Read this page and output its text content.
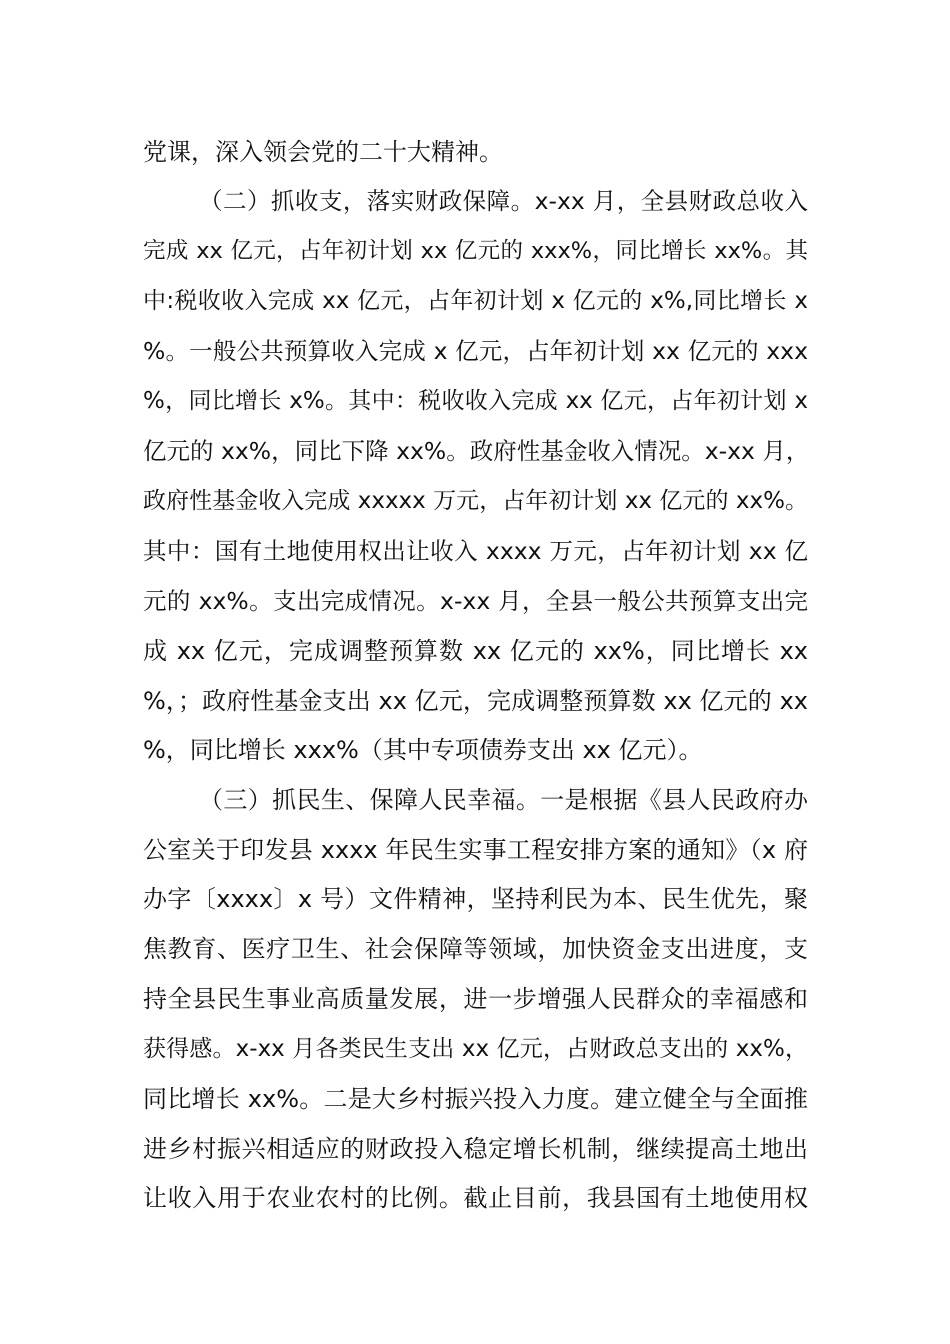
党课，深入领会党的二十大精神。
（二）抓收支，落实财政保障。x-xx 月，全县财政总收入
完成 xx 亿元，占年初计划 xx 亿元的 xxx%，同比增长 xx%。其
中:税收收入完成 xx 亿元，占年初计划 x 亿元的 x%,同比增长 x
%。一般公共预算收入完成 x 亿元，占年初计划 xx 亿元的 xxx
%，同比增长 x%。其中：税收收入完成 xx 亿元，占年初计划 x
亿元的 xx%，同比下降 xx%。政府性基金收入情况。x-xx 月，
政府性基金收入完成 xxxxx 万元，占年初计划 xx 亿元的 xx%。
其中：国有土地使用权出让收入 xxxx 万元，占年初计划 xx 亿
元的 xx%。支出完成情况。x-xx 月，全县一般公共预算支出完
成 xx 亿元，完成调整预算数 xx 亿元的 xx%，同比增长 xx
%，；政府性基金支出 xx 亿元，完成调整预算数 xx 亿元的 xx
%，同比增长 xxx%（其中专项债券支出 xx 亿元）。
（三）抓民生、保障人民幸福。一是根据《县人民政府办
公室关于印发县 xxxx 年民生实事工程安排方案的通知》（x 府
办字〔xxxx〕x 号）文件精神，坚持利民为本、民生优先，聚
焦教育、医疗卫生、社会保障等领域，加快资金支出进度，支
持全县民生事业高质量发展，进一步增强人民群众的幸福感和
获得感。x-xx 月各类民生支出 xx 亿元，占财政总支出的 xx%，
同比增长 xx%。二是大乡村振兴投入力度。建立健全与全面推
进乡村振兴相适应的财政投入稳定增长机制，继续提高土地出
让收入用于农业农村的比例。截止目前，我县国有土地使用权
